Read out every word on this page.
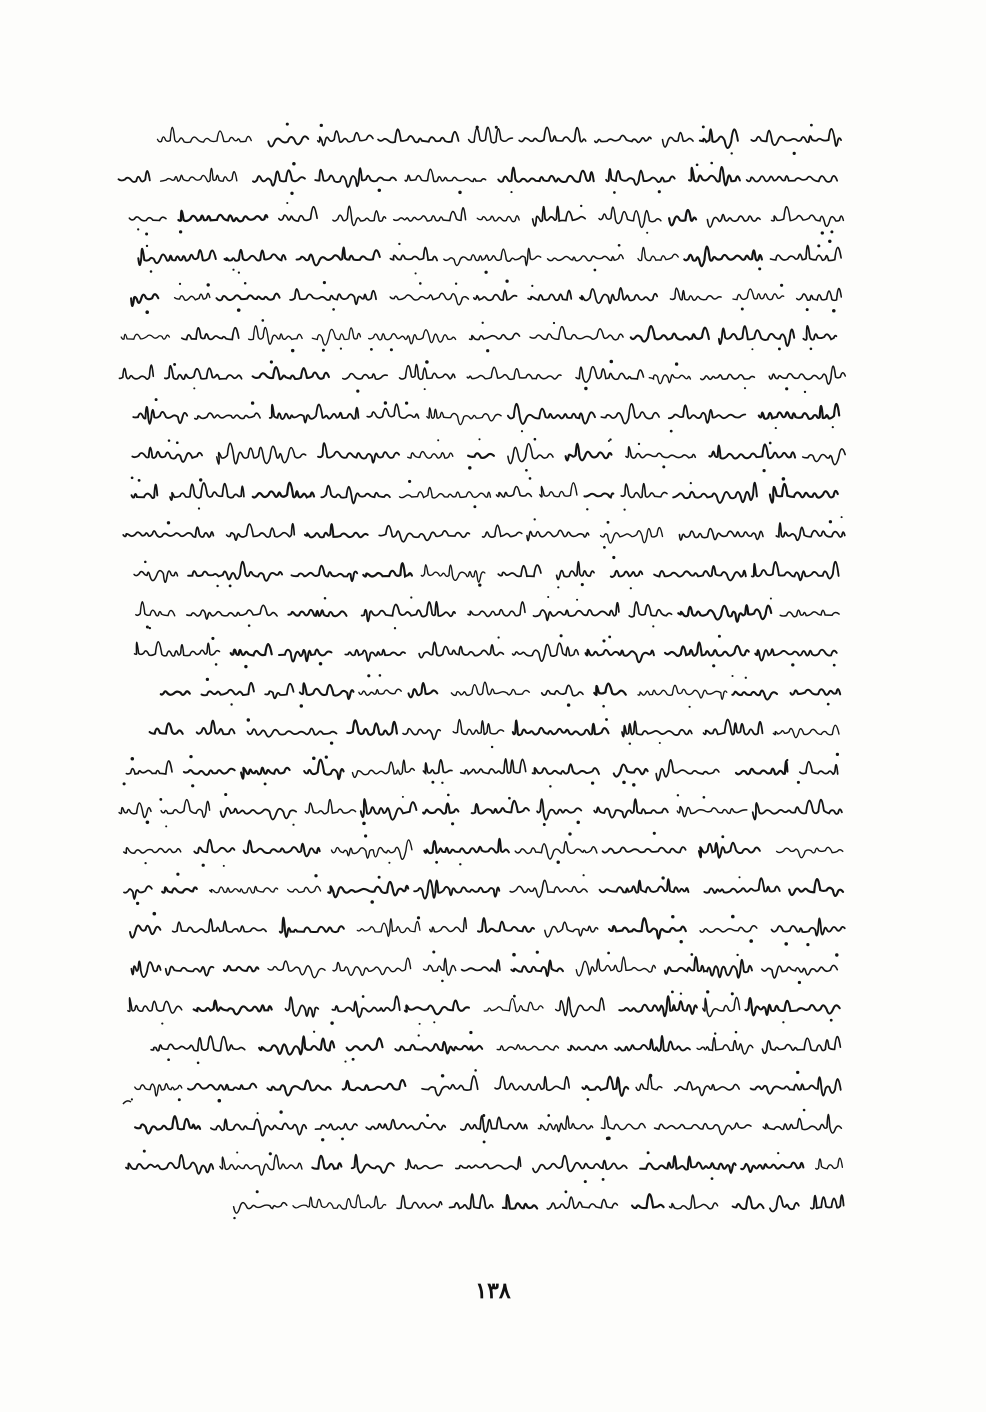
١٣٨
